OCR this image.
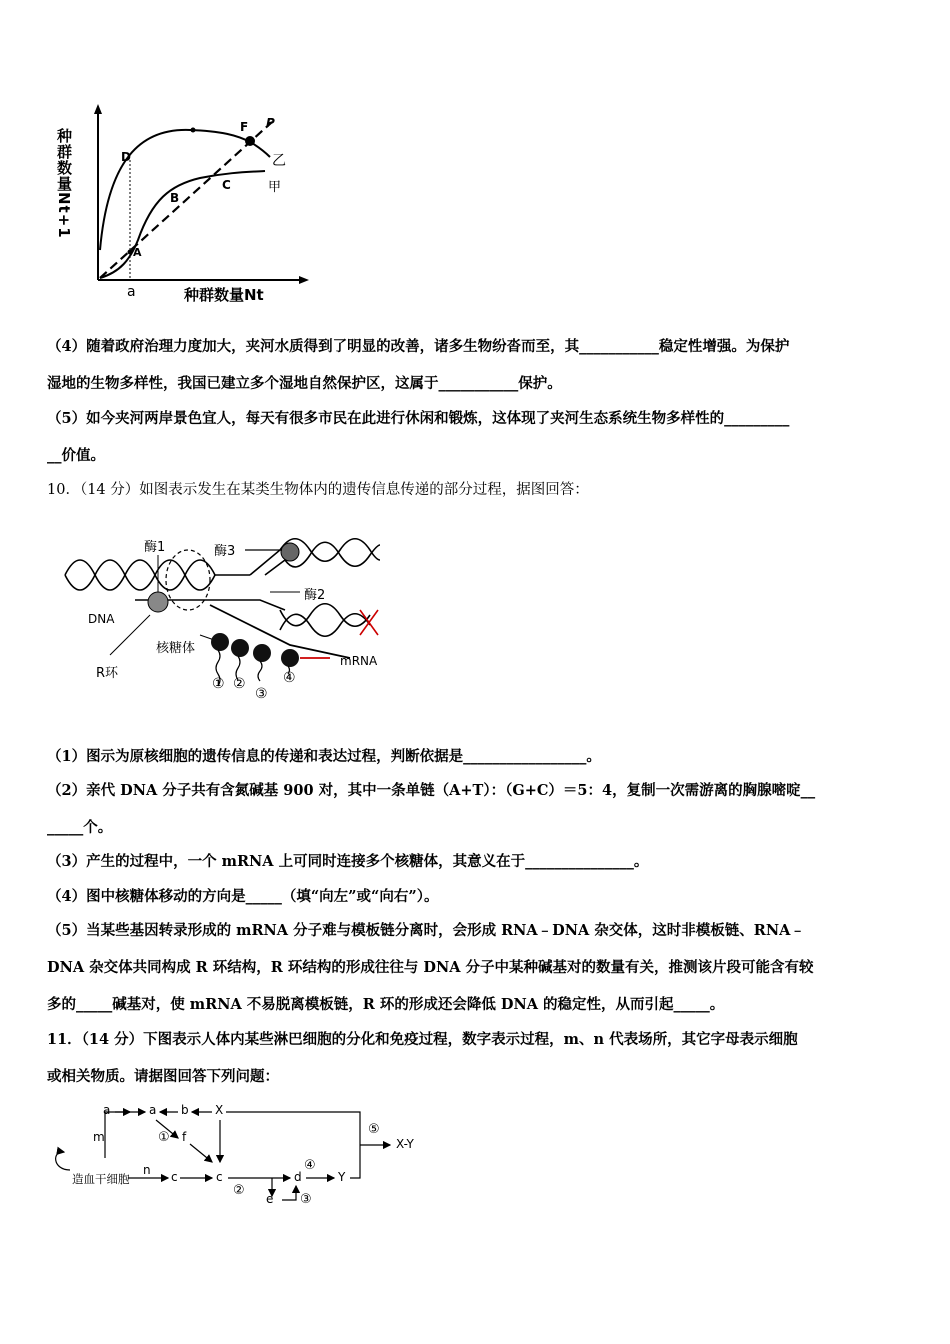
种群数量Nt+1
种群数量Nt
a
D
F P
C
B
A
乙
甲
（4）随着政府治理力度加大，夹河水质得到了明显的改善，诸多生物纷沓而至，其___________稳定性增强。为保护
湿地的生物多样性，我国已建立多个湿地自然保护区，这属于___________保护。
（5）如今夹河两岸景色宜人，每天有很多市民在此进行休闲和锻炼，这体现了夹河生态系统生物多样性的_________
__价值。
10．（14 分）如图表示发生在某类生物体内的遗传信息传递的部分过程，据图回答：
酶1	酶3
酶2
DNA
核糖体
R环
mRNA
① ②
③
④
（1）图示为原核细胞的遗传信息的传递和表达过程，判断依据是_________________。
（2）亲代 DNA 分子共有含氮碱基 900 对，其中一条单链（A+T）：（G+C）＝5：4，复制一次需游离的胸腺嘧啶__
_____个。
（3）产生的过程中，一个 mRNA 上可同时连接多个核糖体，其意义在于_______________。
（4）图中核糖体移动的方向是_____（填“向左”或“向右”）。
（5）当某些基因转录形成的 mRNA 分子难与模板链分离时，会形成 RNA﹣DNA 杂交体，这时非模板链、RNA﹣
DNA 杂交体共同构成 R 环结构，R 环结构的形成往往与 DNA 分子中某种碱基对的数量有关，推测该片段可能含有较
多的_____碱基对，使 mRNA 不易脱离模板链，R 环的形成还会降低 DNA 的稳定性，从而引起_____。
11．（14 分）下图表示人体内某些淋巴细胞的分化和免疫过程，数字表示过程，m、n 代表场所，其它字母表示细胞
或相关物质。请据图回答下列问题：
a	a b X
m	f
①
n
造血干细胞	c	c
②
d
④
Y
e ③
⑤
X-Y
